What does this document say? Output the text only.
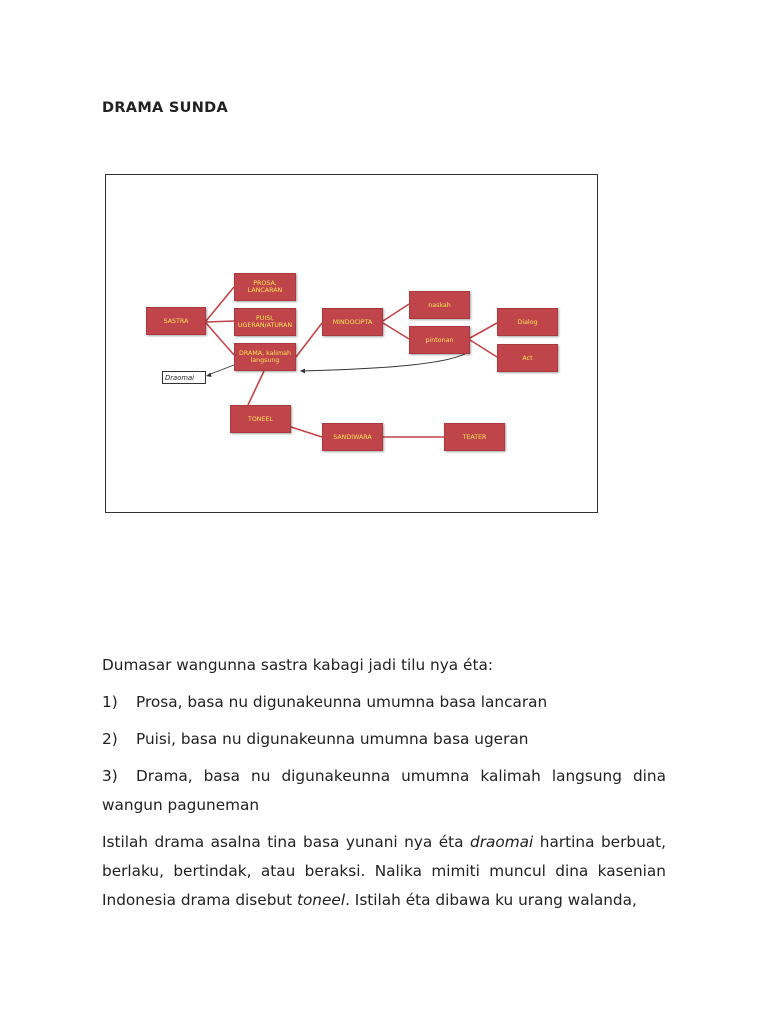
DRAMA SUNDA
SASTRA
PROSA, LANCARAN
PUISI, UGERAN/ATURAN
DRAMA, kalimah langsung
MINDOCIPTA
naskah
pintonan
Dialog
Act
TONEEL
SANDIWARA	TEATER
Draomai

Dumasar wangunna sastra kabagi jadi tilu nya éta:

1) Prosa, basa nu digunakeunna umumna basa lancaran

2) Puisi, basa nu digunakeunna umumna basa ugeran

3) Drama, basa nu digunakeunna umumna kalimah langsung dina wangun paguneman

Istilah drama asalna tina basa yunani nya éta draomai hartina berbuat, berlaku, bertindak, atau beraksi. Nalika mimiti muncul dina kasenian Indonesia drama disebut toneel. Istilah éta dibawa ku urang walanda,
